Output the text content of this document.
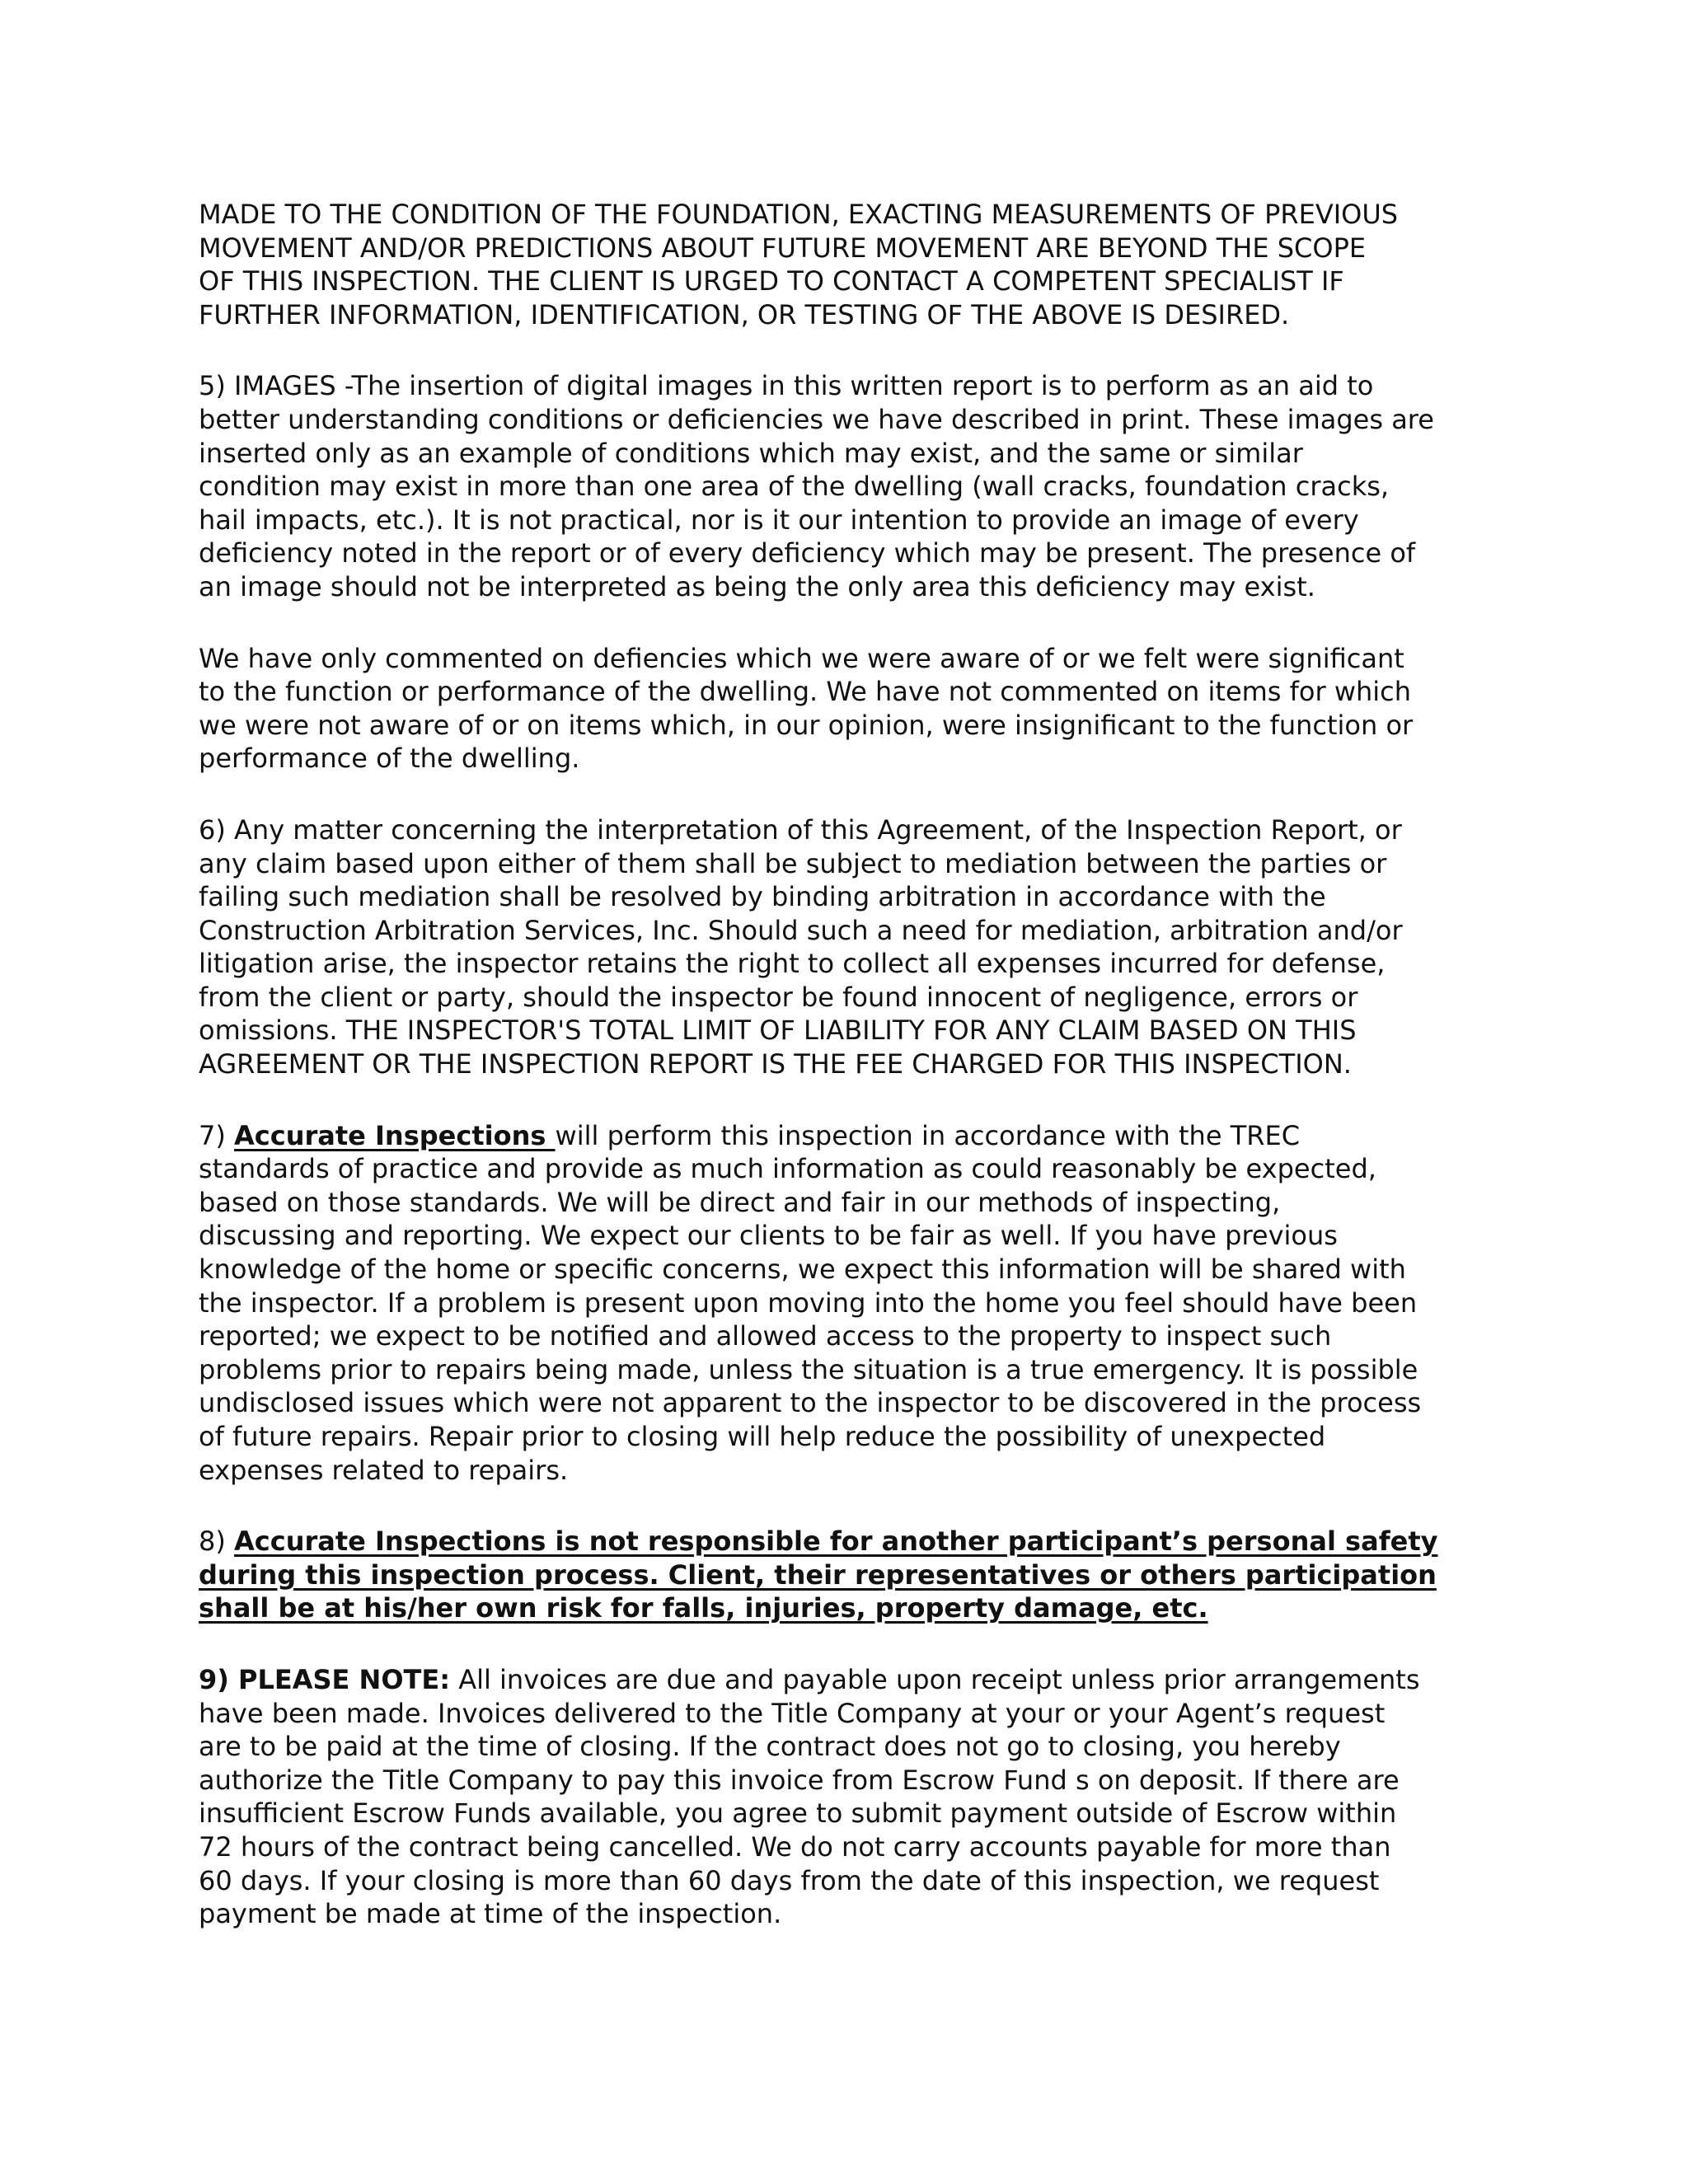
MADE TO THE CONDITION OF THE FOUNDATION, EXACTING MEASUREMENTS OF PREVIOUS
MOVEMENT AND/OR PREDICTIONS ABOUT FUTURE MOVEMENT ARE BEYOND THE SCOPE
OF THIS INSPECTION. THE CLIENT IS URGED TO CONTACT A COMPETENT SPECIALIST IF
FURTHER INFORMATION, IDENTIFICATION, OR TESTING OF THE ABOVE IS DESIRED.

5) IMAGES -The insertion of digital images in this written report is to perform as an aid to
better understanding conditions or deficiencies we have described in print. These images are
inserted only as an example of conditions which may exist, and the same or similar
condition may exist in more than one area of the dwelling (wall cracks, foundation cracks,
hail impacts, etc.). It is not practical, nor is it our intention to provide an image of every
deficiency noted in the report or of every deficiency which may be present. The presence of
an image should not be interpreted as being the only area this deficiency may exist.

We have only commented on defiencies which we were aware of or we felt were significant
to the function or performance of the dwelling. We have not commented on items for which
we were not aware of or on items which, in our opinion, were insignificant to the function or
performance of the dwelling.

6) Any matter concerning the interpretation of this Agreement, of the Inspection Report, or
any claim based upon either of them shall be subject to mediation between the parties or
failing such mediation shall be resolved by binding arbitration in accordance with the
Construction Arbitration Services, Inc. Should such a need for mediation, arbitration and/or
litigation arise, the inspector retains the right to collect all expenses incurred for defense,
from the client or party, should the inspector be found innocent of negligence, errors or
omissions. THE INSPECTOR'S TOTAL LIMIT OF LIABILITY FOR ANY CLAIM BASED ON THIS
AGREEMENT OR THE INSPECTION REPORT IS THE FEE CHARGED FOR THIS INSPECTION.

7) Accurate Inspections will perform this inspection in accordance with the TREC
standards of practice and provide as much information as could reasonably be expected,
based on those standards. We will be direct and fair in our methods of inspecting,
discussing and reporting. We expect our clients to be fair as well. If you have previous
knowledge of the home or specific concerns, we expect this information will be shared with
the inspector. If a problem is present upon moving into the home you feel should have been
reported; we expect to be notified and allowed access to the property to inspect such
problems prior to repairs being made, unless the situation is a true emergency. It is possible
undisclosed issues which were not apparent to the inspector to be discovered in the process
of future repairs. Repair prior to closing will help reduce the possibility of unexpected
expenses related to repairs.

8) Accurate Inspections is not responsible for another participant’s personal safety
during this inspection process. Client, their representatives or others participation
shall be at his/her own risk for falls, injuries, property damage, etc.

9) PLEASE NOTE: All invoices are due and payable upon receipt unless prior arrangements
have been made. Invoices delivered to the Title Company at your or your Agent’s request
are to be paid at the time of closing. If the contract does not go to closing, you hereby
authorize the Title Company to pay this invoice from Escrow Fund s on deposit. If there are
insufficient Escrow Funds available, you agree to submit payment outside of Escrow within
72 hours of the contract being cancelled. We do not carry accounts payable for more than
60 days. If your closing is more than 60 days from the date of this inspection, we request
payment be made at time of the inspection.
